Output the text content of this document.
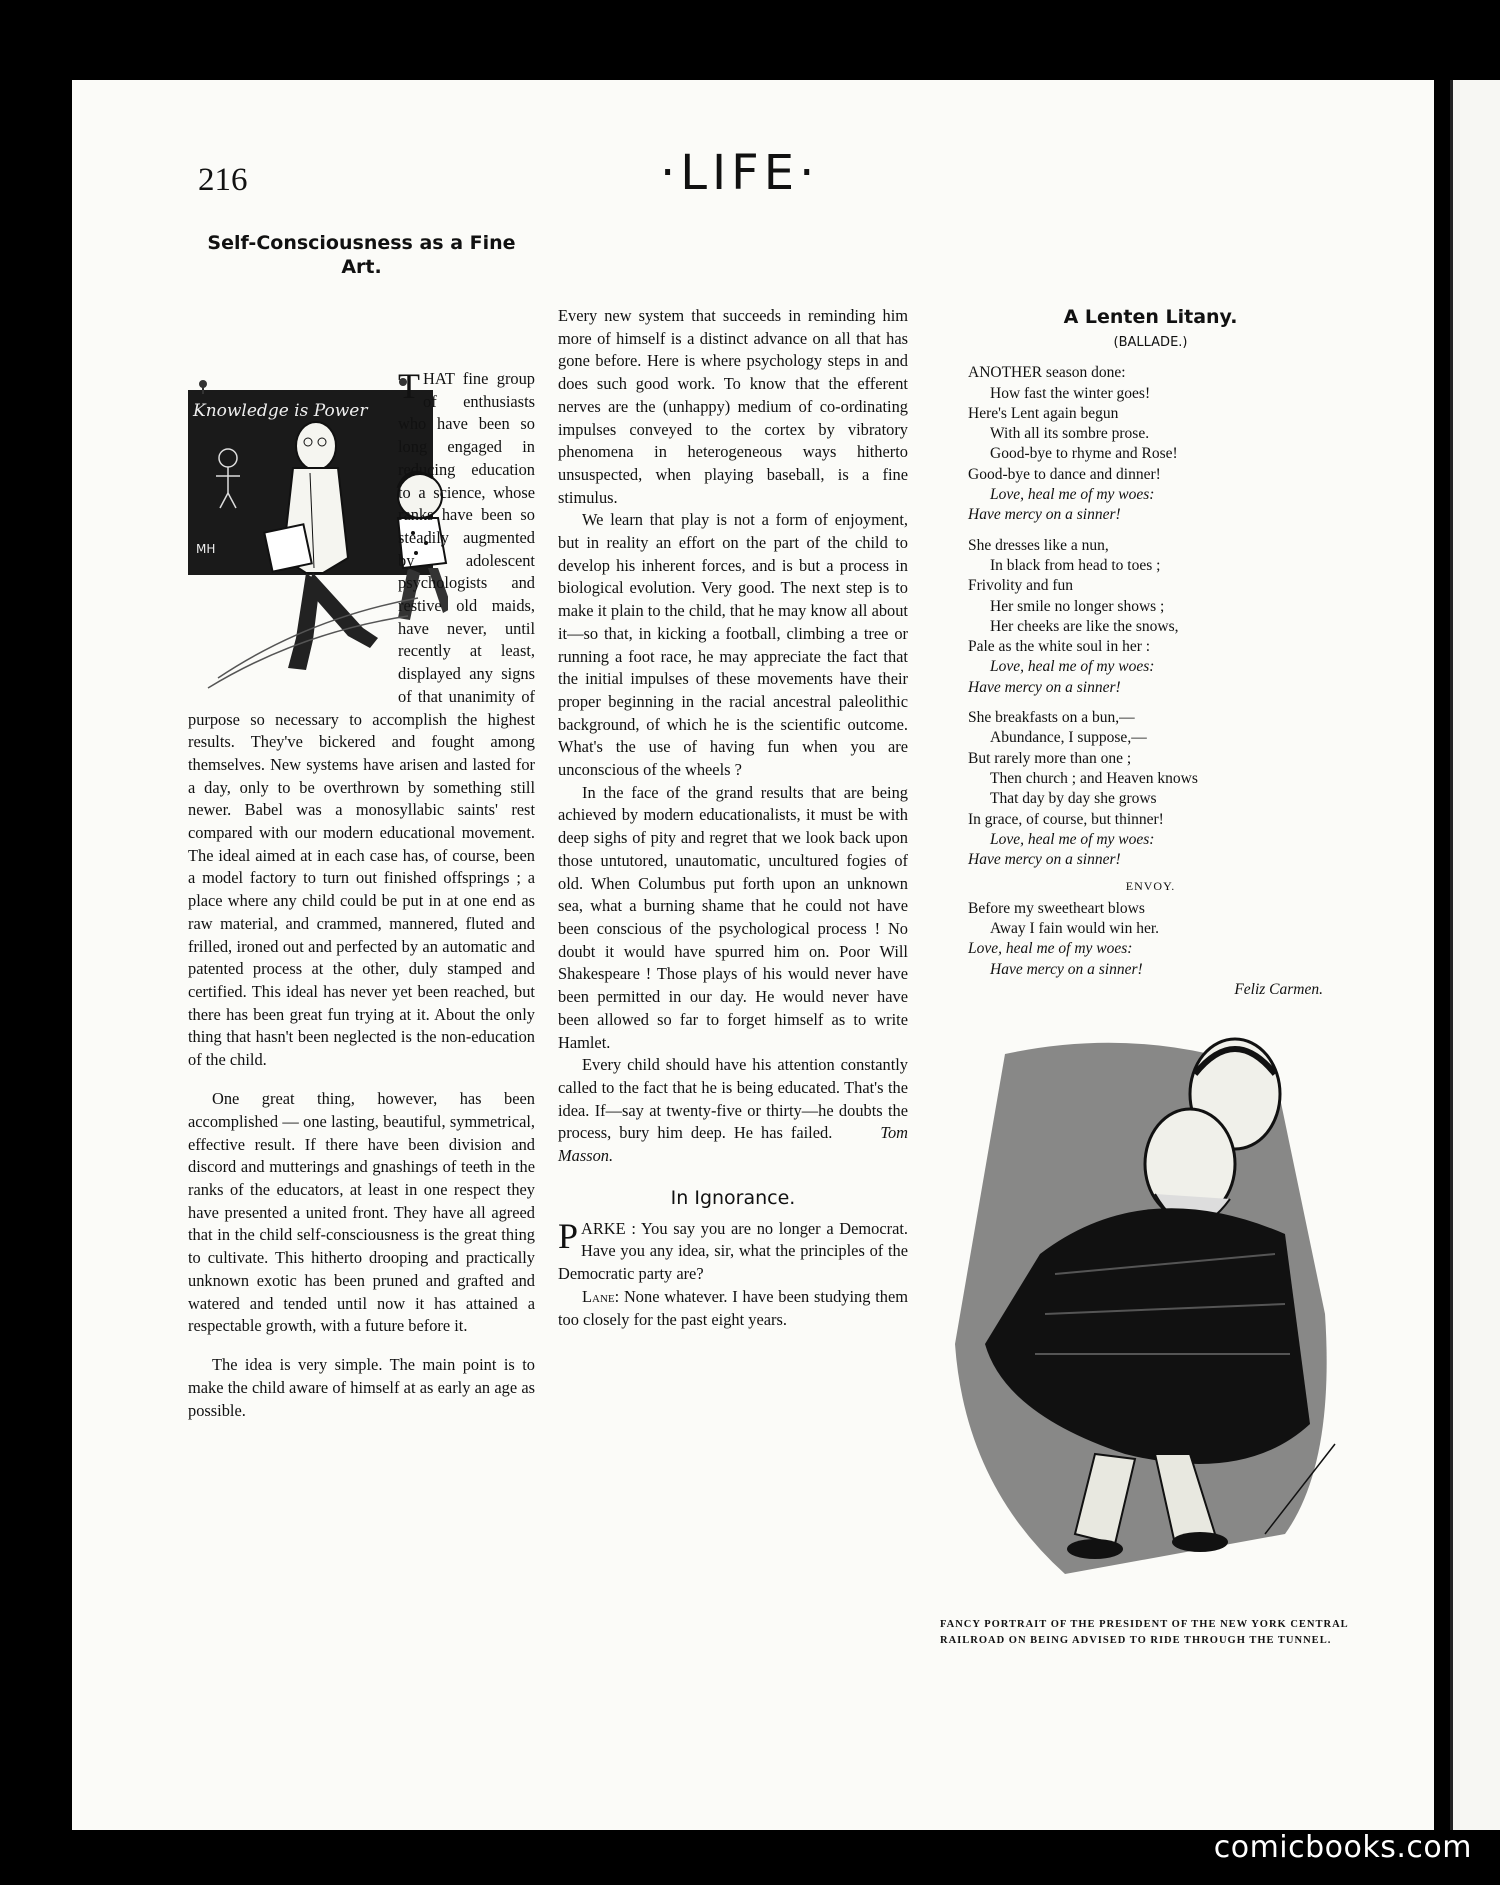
216	·LIFE·
Self-Consciousness as a Fine Art.
Knowledge is Power
MH
T HAT fine group of enthusiasts who have been so long engaged in reducing education to a science, whose ranks have been so steadily augmented by adolescent psychologists and restive old maids, have never, until recently at least, displayed any signs of that unanimity of purpose so necessary to accomplish the highest results. They've bickered and fought among themselves. New systems have arisen and lasted for a day, only to be overthrown by something still newer. Babel was a monosyllabic saints' rest compared with our modern educational movement. The ideal aimed at in each case has, of course, been a model factory to turn out finished offsprings ; a place where any child could be put in at one end as raw material, and crammed, mannered, fluted and frilled, ironed out and perfected by an automatic and patented process at the other, duly stamped and certified. This ideal has never yet been reached, but there has been great fun trying at it. About the only thing that hasn't been neglected is the non-education of the child.

One great thing, however, has been accomplished — one lasting, beautiful, symmetrical, effective result. If there have been division and discord and mutterings and gnashings of teeth in the ranks of the educators, at least in one respect they have presented a united front. They have all agreed that in the child self-consciousness is the great thing to cultivate. This hitherto drooping and practically unknown exotic has been pruned and grafted and watered and tended until now it has attained a respectable growth, with a future before it.

The idea is very simple. The main point is to make the child aware of himself at as early an age as possible.

Every new system that succeeds in reminding him more of himself is a distinct advance on all that has gone before. Here is where psychology steps in and does such good work. To know that the efferent nerves are the (unhappy) medium of co-ordinating impulses conveyed to the cortex by vibratory phenomena in heterogeneous ways hitherto unsuspected, when playing baseball, is a fine stimulus.

We learn that play is not a form of enjoyment, but in reality an effort on the part of the child to develop his inherent forces, and is but a process in biological evolution. Very good. The next step is to make it plain to the child, that he may know all about it—so that, in kicking a football, climbing a tree or running a foot race, he may appreciate the fact that the initial impulses of these movements have their proper beginning in the racial ancestral paleolithic background, of which he is the scientific outcome. What's the use of having fun when you are unconscious of the wheels ?

In the face of the grand results that are being achieved by modern educationalists, it must be with deep sighs of pity and regret that we look back upon those untutored, unautomatic, uncultured fogies of old. When Columbus put forth upon an unknown sea, what a burning shame that he could not have been conscious of the psychological process ! No doubt it would have spurred him on. Poor Will Shakespeare ! Those plays of his would never have been permitted in our day. He would never have been allowed so far to forget himself as to write Hamlet.

Every child should have his attention constantly called to the fact that he is being educated. That's the idea. If—say at twenty-five or thirty—he doubts the process, bury him deep. He has failed.	Tom Masson.

In Ignorance.

PARKE : You say you are no longer a Democrat. Have you any idea, sir, what the principles of the Democratic party are?

Lane: None whatever. I have been studying them too closely for the past eight years.

A Lenten Litany.
(BALLADE.)
ANOTHER season done:
How fast the winter goes!
Here's Lent again begun
With all its sombre prose.
Good-bye to rhyme and Rose!
Good-bye to dance and dinner!
Love, heal me of my woes:
Have mercy on a sinner!
She dresses like a nun,
In black from head to toes ;
Frivolity and fun
Her smile no longer shows ;
Her cheeks are like the snows,
Pale as the white soul in her :
Love, heal me of my woes:
Have mercy on a sinner!
She breakfasts on a bun,—
Abundance, I suppose,—
But rarely more than one ;
Then church ; and Heaven knows
That day by day she grows
In grace, of course, but thinner!
Love, heal me of my woes:
Have mercy on a sinner!
ENVOY.
Before my sweetheart blows
Away I fain would win her.
Love, heal me of my woes:
Have mercy on a sinner!
Feliz Carmen.
FANCY PORTRAIT OF THE PRESIDENT OF THE NEW YORK CENTRAL RAILROAD ON BEING ADVISED TO RIDE THROUGH THE TUNNEL.
comicbooks.com
